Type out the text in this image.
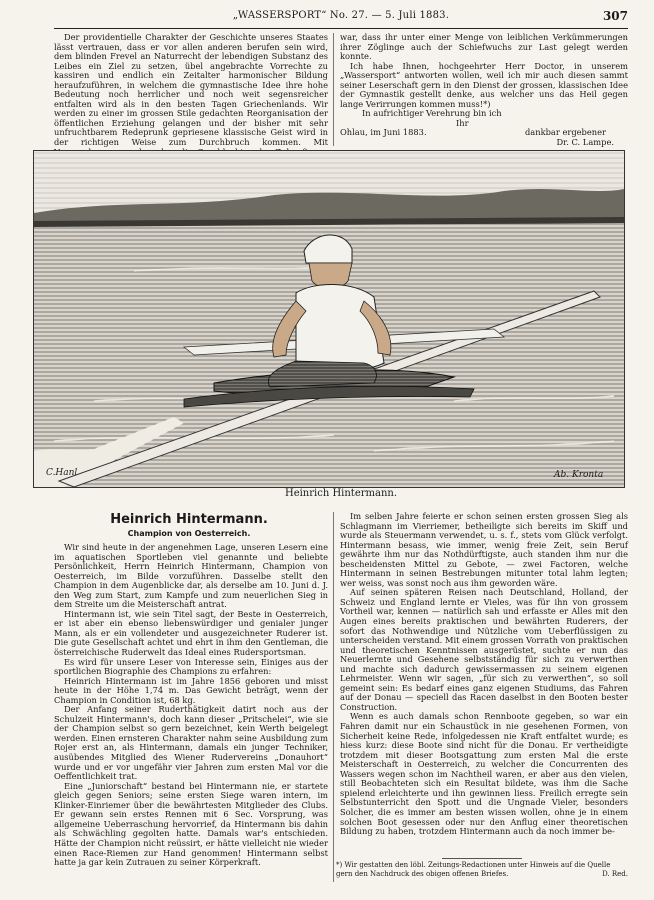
„WASSERSPORT“ No. 27. — 5. Juli 1883.	307

Der providentielle Charakter der Geschichte unseres Staates lässt vertrauen, dass er vor allen anderen berufen sein wird, dem blinden Frevel an Naturrecht der lebendigen Substanz des Leibes ein Ziel zu setzen, übel angebrachte Vorrechte zu kassiren und endlich ein Zeitalter harmonischer Bildung heraufzuführen, in welchem die gymnastische Idee ihre hohe Bedeutung noch herrlicher und noch weit segensreicher entfalten wird als in den besten Tagen Griechenlands. Wir werden zu einer im grossen Stile gedachten Reorganisation der öffentlichen Erziehung gelangen und der bisher mit sehr unfruchtbarem Redeprunk gepriesene klassische Geist wird in der richtigen Weise zum Durchbruch kommen. Mit

war, dass ihr unter einer Menge von leiblichen Verkümmerungen ihrer Zöglinge auch der Schiefwuchs zur Last gelegt werden konnte.

Ich habe Ihnen, hochgeehrter Herr Doctor, in unserem „Wassersport“ antworten wollen, weil ich mir auch diesen sammt seiner Leserschaft gern in den Dienst der grossen, klassischen Idee der Gymnastik gestellt denke, aus welcher uns das Heil gegen lange Verirrungen kommen muss!*)

In aufrichtiger Verehrung bin ich

Ihr
Ohlau, im Juni 1883.	dankbar ergebener
Dr. C. Lampe.
C.Hanl	Ab. Kronta
Heinrich Hintermann.
Heinrich Hintermann.
Champion von Oesterreich.

Wir sind heute in der angenehmen Lage, unseren Lesern eine im aquatischen Sportleben viel genannte und beliebte Persönlichkeit, Herrn Heinrich Hintermann, Champion von Oesterreich, im Bilde vorzuführen. Dasselbe stellt den Champion in dem Augenblicke dar, als derselbe am 10. Juni d. J. den Weg zum Start, zum Kampfe und zum neuerlichen Sieg in dem Streite um die Meisterschaft antrat.

Hintermann ist, wie sein Titel sagt, der Beste in Oesterreich, er ist aber ein ebenso liebenswürdiger und genialer junger Mann, als er ein vollendeter und ausgezeichneter Ruderer ist. Die gute Gesellschaft achtet und ehrt in ihm den Gentleman, die österreichische Ruderwelt das Ideal eines Rudersportsman.

Es wird für unsere Leser von Interesse sein, Einiges aus der sportlichen Biographie des Champions zu erfahren:

Heinrich Hintermann ist im Jahre 1856 geboren und misst heute in der Höhe 1,74 m. Das Gewicht beträgt, wenn der Champion in Condition ist, 68 kg.

Der Anfang seiner Ruderthätigkeit datirt noch aus der Schulzeit Hintermann's, doch kann dieser „Pritschelei“, wie sie der Champion selbst so gern bezeichnet, kein Werth beigelegt werden. Einen ernsteren Charakter nahm seine Ausbildung zum Rojer erst an, als Hintermann, damals ein junger Techniker, ausübendes Mitglied des Wiener Rudervereins „Donauhort“ wurde und er vor ungefähr vier Jahren zum ersten Mal vor die Oeffentlichkeit trat.

Eine „Juniorschaft“ bestand bei Hintermann nie, er startete gleich gegen Seniors; seine ersten Siege waren intern, im Klinker-Einriemer über die bewährtesten Mitglieder des Clubs. Er gewann sein erstes Rennen mit 6 Sec. Vorsprung, was allgemeine Ueberraschung hervorrief, da Hintermann bis dahin als Schwächling gegolten hatte. Damals war's entschieden. Hätte der Champion nicht reüssirt, er hätte vielleicht nie wieder einen Race-Riemen zur Hand genommen! Hintermann selbst hatte ja gar kein Zutrauen zu seiner Körperkraft.

Im selben Jahre feierte er schon seinen ersten grossen Sieg als Schlagmann im Vierriemer, betheiligte sich bereits im Skiff und wurde als Steuermann verwendet, u. s. f., stets vom Glück verfolgt. Hintermann besass, wie immer, wenig freie Zeit, sein Beruf gewährte ihm nur das Nothdürftigste, auch standen ihm nur die bescheidensten Mittel zu Gebote, — zwei Factoren, welche Hintermann in seinen Bestrebungen mitunter total lahm legten; wer weiss, was sonst noch aus ihm geworden wäre.

Auf seinen späteren Reisen nach Deutschland, Holland, der Schweiz und England lernte er Vieles, was für ihn von grossem Vortheil war, kennen — natürlich sah und erfasste er Alles mit den Augen eines bereits praktischen und bewährten Ruderers, der sofort das Nothwendige und Nützliche vom Ueberflüssigen zu unterscheiden verstand. Mit einem grossen Vorrath von praktischen und theoretischen Kenntnissen ausgerüstet, suchte er nun das Neuerlernte und Gesehene selbstständig für sich zu verwerthen und machte sich dadurch gewissermassen zu seinem eigenen Lehrmeister. Wenn wir sagen, „für sich zu verwerthen“, so soll gemeint sein: Es bedarf eines ganz eigenen Studiums, das Fahren auf der Donau — speciell das Racen daselbst in den Booten bester Construction.

Wenn es auch damals schon Rennboote gegeben, so war ein Fahren damit nur ein Schaustück in nie gesehenen Formen, von Sicherheit keine Rede, infolgedessen nie Kraft entfaltet wurde; es hiess kurz: diese Boote sind nicht für die Donau. Er vertheidigte trotzdem mit dieser Bootsgattung zum ersten Mal die erste Meisterschaft in Oesterreich, zu welcher die Concurrenten des Wassers wegen schon im Nachtheil waren, er aber aus den vielen, still Beobachteten sich ein Resultat bildete, was ihm die Sache spielend erleichterte und ihn gewinnen liess. Freilich erregte sein Selbstunterricht den Spott und die Ungnade Vieler, besonders Solcher, die es immer am besten wissen wollen, ohne je in einem solchen Boot gesessen oder nur den Anflug einer theoretischen Bildung zu haben, trotzdem Hintermann auch da noch immer be-

*) Wir gestatten den löbl. Zeitungs-Redactionen unter Hinweis auf die Quelle gern den Nachdruck des obigen offenen Briefes.	D. Red.
